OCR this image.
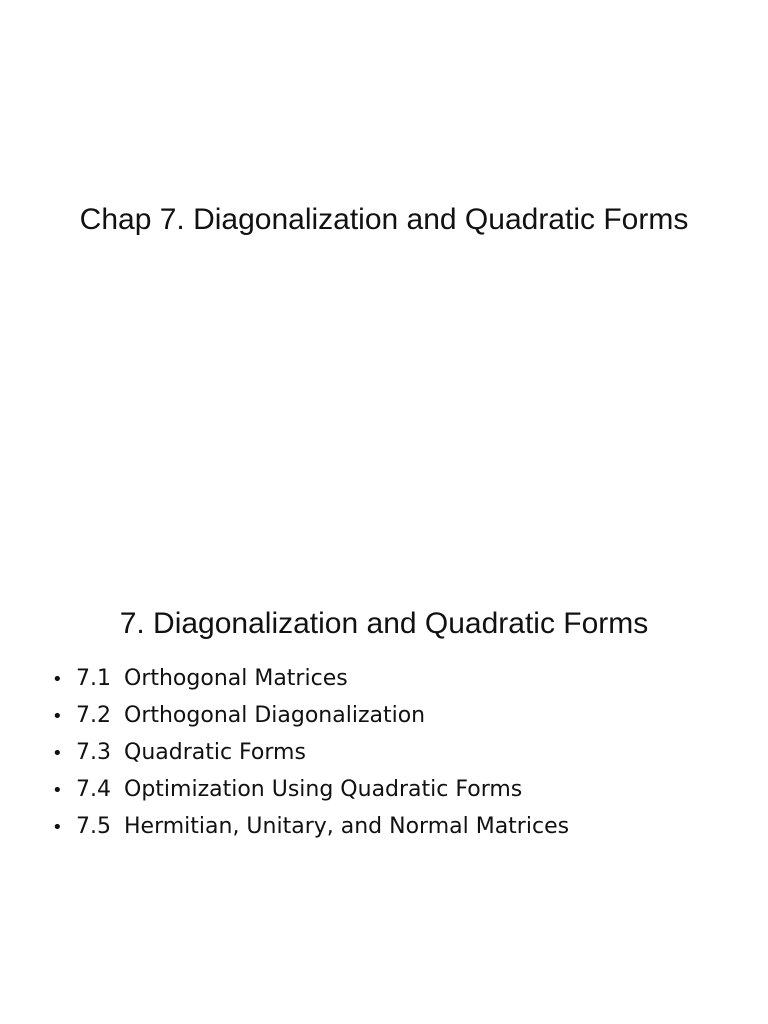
Chap 7. Diagonalization and Quadratic Forms
7. Diagonalization and Quadratic Forms
• 7.1 Orthogonal Matrices
• 7.2 Orthogonal Diagonalization
• 7.3 Quadratic Forms
• 7.4 Optimization Using Quadratic Forms
• 7.5 Hermitian, Unitary, and Normal Matrices
